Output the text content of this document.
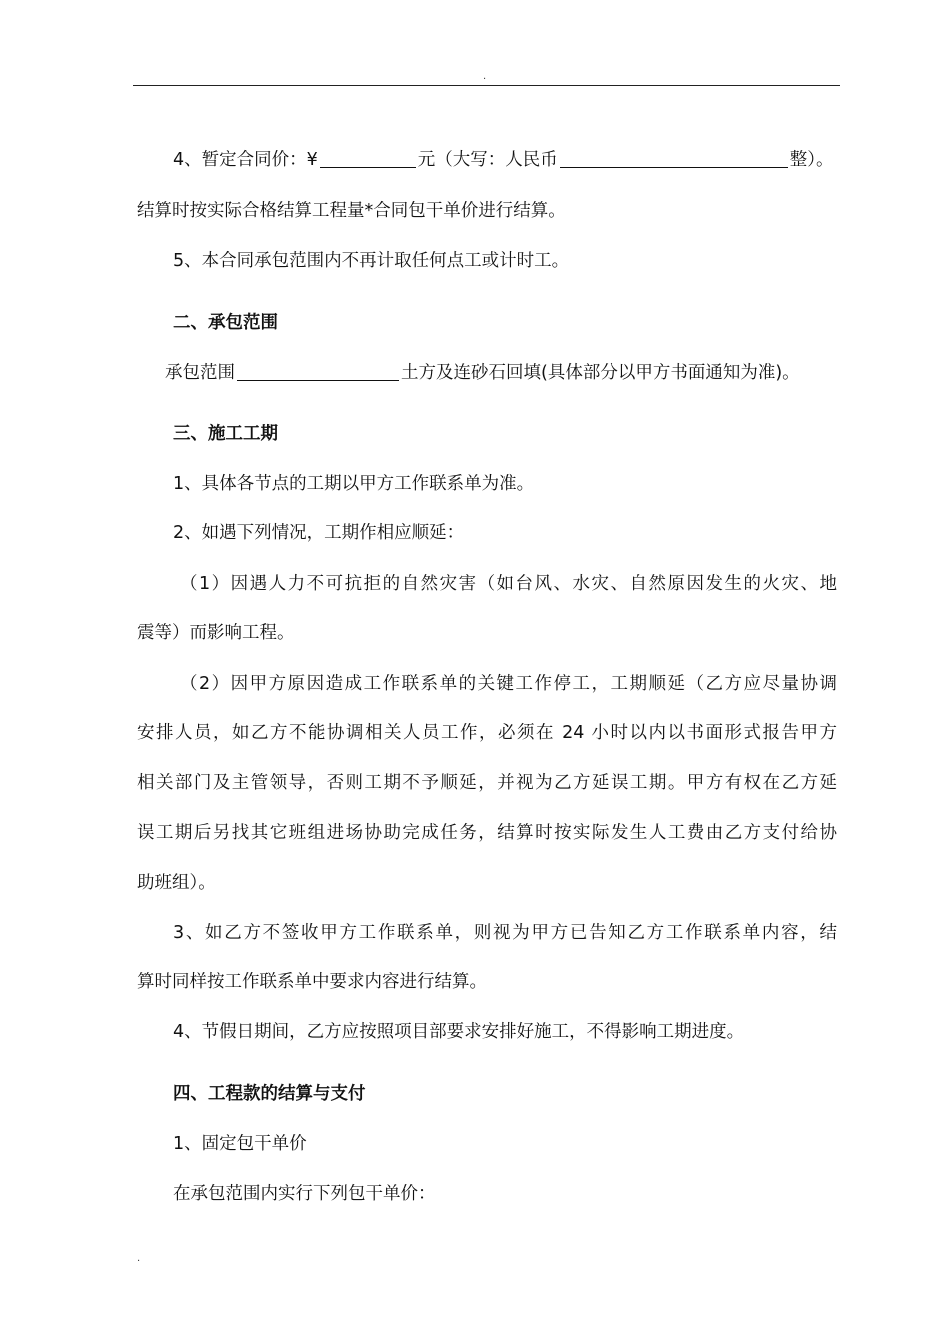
.
4、暂定合同价：¥	元（大写：人民币	整）。
结算时按实际合格结算工程量*合同包干单价进行结算。
5、本合同承包范围内不再计取任何点工或计时工。
二、承包范围
承包范围	土方及连砂石回填(具体部分以甲方书面通知为准)。
三、施工工期
1、具体各节点的工期以甲方工作联系单为准。
2、如遇下列情况，工期作相应顺延：
（1）因遇人力不可抗拒的自然灾害（如台风、水灾、自然原因发生的火灾、地
震等）而影响工程。
（2）因甲方原因造成工作联系单的关键工作停工，工期顺延（乙方应尽量协调
安排人员，如乙方不能协调相关人员工作，必须在 24 小时以内以书面形式报告甲方
相关部门及主管领导，否则工期不予顺延，并视为乙方延误工期。甲方有权在乙方延
误工期后另找其它班组进场协助完成任务，结算时按实际发生人工费由乙方支付给协
助班组）。
3、如乙方不签收甲方工作联系单，则视为甲方已告知乙方工作联系单内容，结
算时同样按工作联系单中要求内容进行结算。
4、节假日期间，乙方应按照项目部要求安排好施工，不得影响工期进度。
四、工程款的结算与支付
1、固定包干单价
在承包范围内实行下列包干单价：
.
